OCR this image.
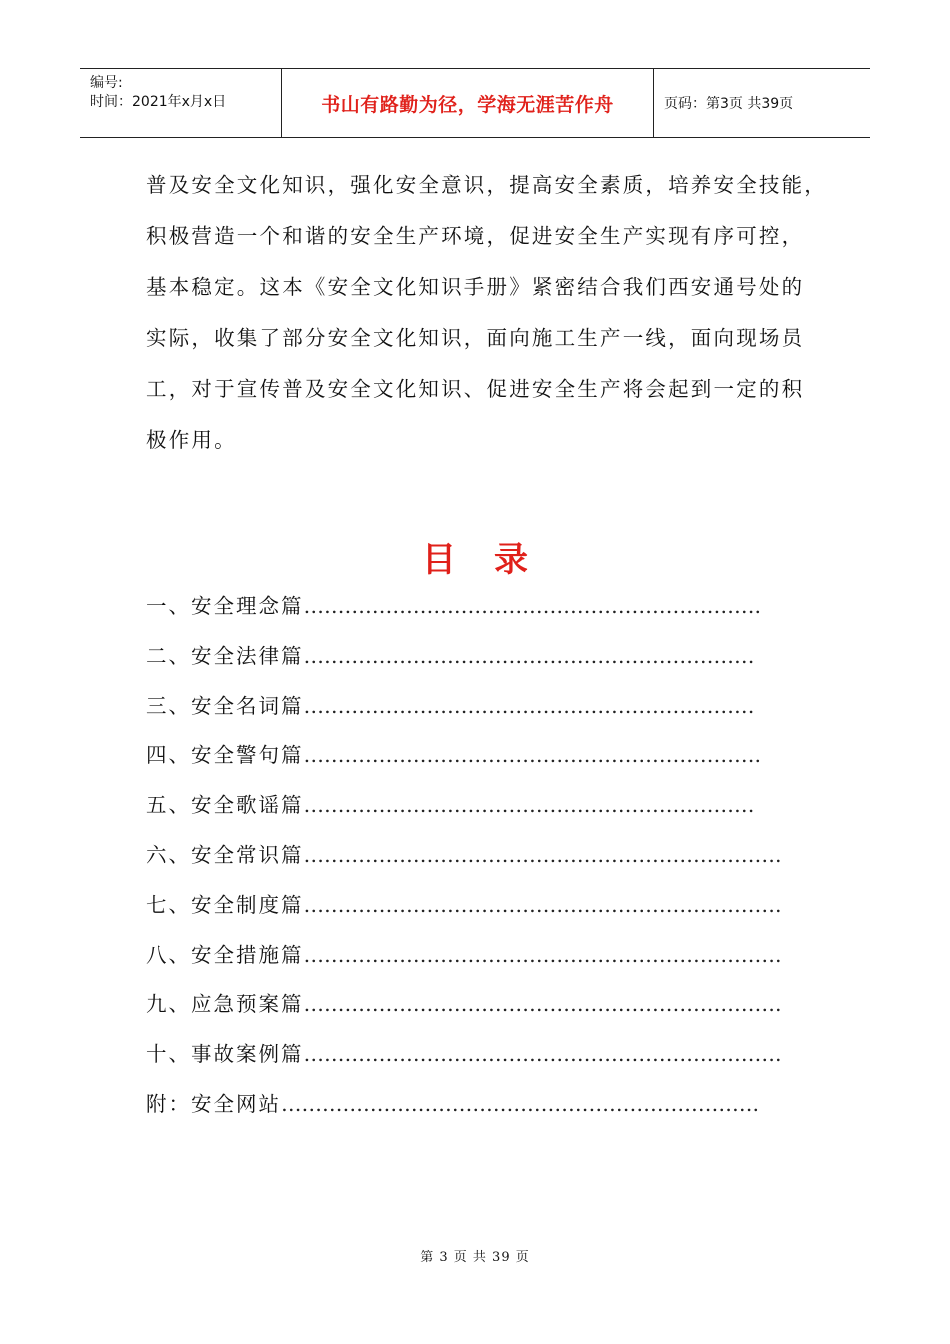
编号:
时间：2021年x月x日	书山有路勤为径，学海无涯苦作舟	页码：第3页 共39页
普及安全文化知识，强化安全意识，提高安全素质，培养安全技能，
积极营造一个和谐的安全生产环境，促进安全生产实现有序可控，
基本稳定。这本《安全文化知识手册》紧密结合我们西安通号处的
实际，收集了部分安全文化知识，面向施工生产一线，面向现场员
工，对于宣传普及安全文化知识、促进安全生产将会起到一定的积
极作用。
目录
一、安全理念篇 ………………………………………………………….
二、安全法律篇 …………………………………………………………
三、安全名词篇 …………………………………………………………
四、安全警句篇 ………………………………………………………….
五、安全歌谣篇 …………………………………………………………
六、安全常识篇 …………………………………………………………….
七、安全制度篇 …………………………………………………………….
八、安全措施篇 …………………………………………………………….
九、应急预案篇 …………………………………………………………….
十、事故案例篇 …………………………………………………………….
附：安全网站 …………………………………………………………….
第 3 页 共 39 页
